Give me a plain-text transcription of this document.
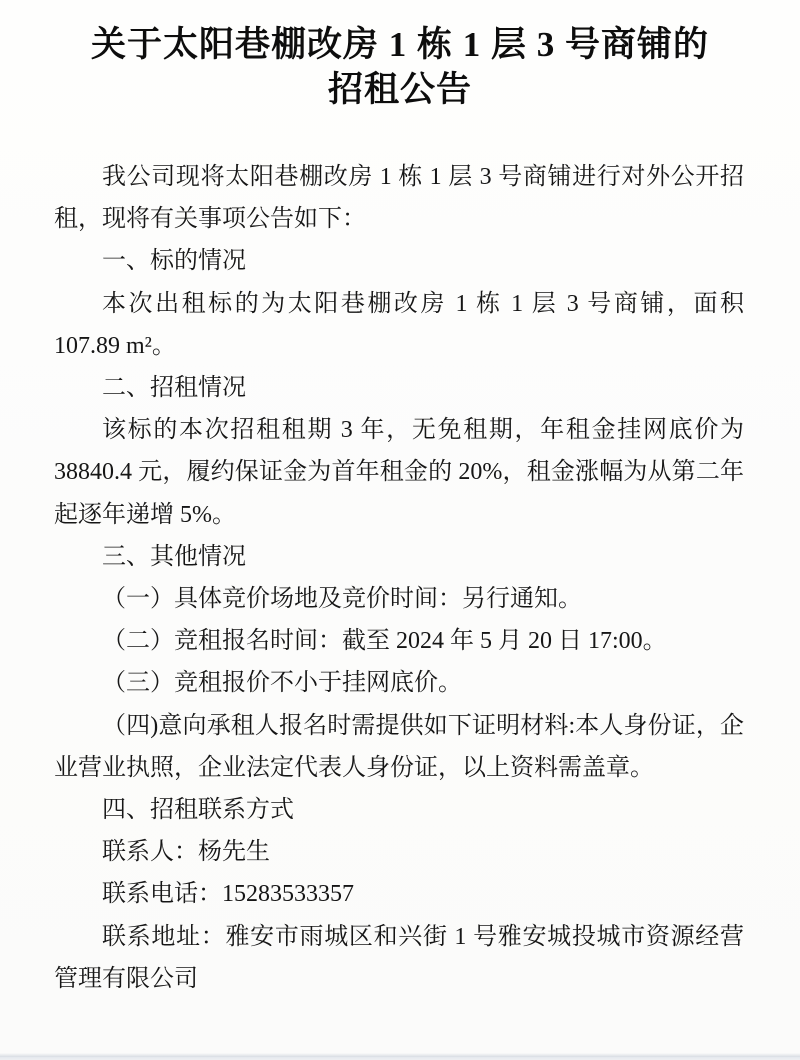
关于太阳巷棚改房 1 栋 1 层 3 号商铺的
招租公告

我公司现将太阳巷棚改房 1 栋 1 层 3 号商铺进行对外公开招租，现将有关事项公告如下：

一、标的情况

本次出租标的为太阳巷棚改房 1 栋 1 层 3 号商铺，面积 107.89 m²。

二、招租情况

该标的本次招租租期 3 年，无免租期，年租金挂网底价为 38840.4 元，履约保证金为首年租金的 20%，租金涨幅为从第二年起逐年递增 5%。

三、其他情况

（一）具体竞价场地及竞价时间：另行通知。

（二）竞租报名时间：截至 2024 年 5 月 20 日 17:00。

（三）竞租报价不小于挂网底价。

（四)意向承租人报名时需提供如下证明材料:本人身份证，企业营业执照，企业法定代表人身份证，以上资料需盖章。

四、招租联系方式

联系人：杨先生

联系电话：15283533357

联系地址：雅安市雨城区和兴街 1 号雅安城投城市资源经营管理有限公司
